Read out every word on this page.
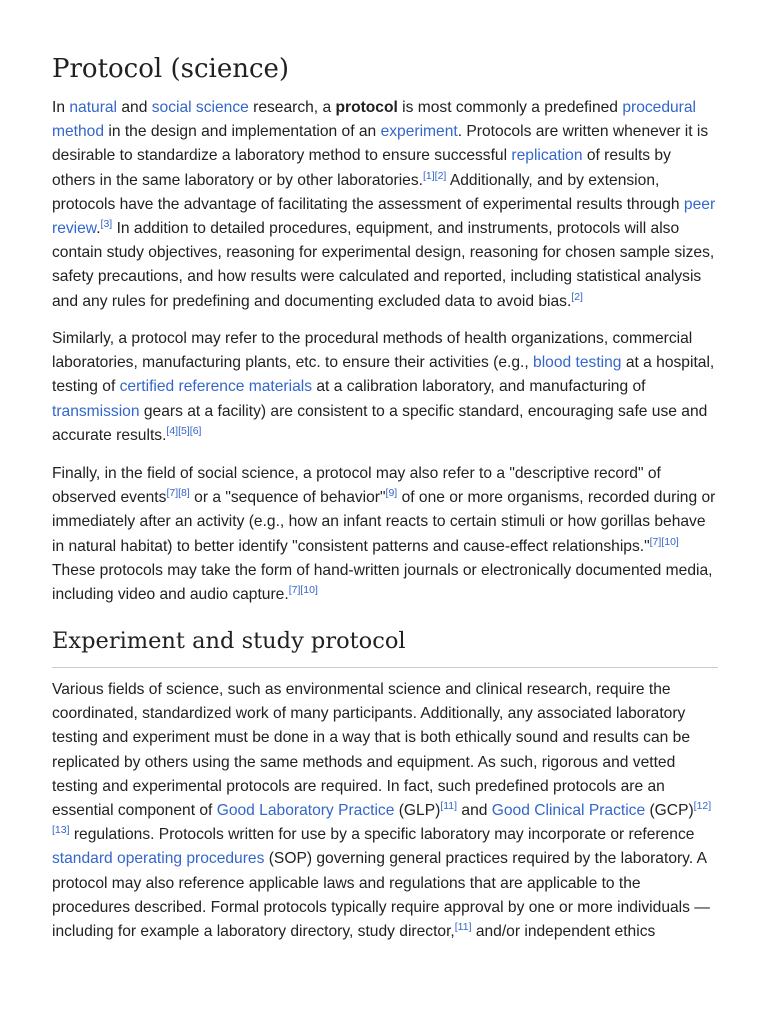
Protocol (science)

In natural and social science research, a protocol is most commonly a predefined procedural method in the design and implementation of an experiment. Protocols are written whenever it is desirable to standardize a laboratory method to ensure successful replication of results by others in the same laboratory or by other laboratories.[1][2] Additionally, and by extension, protocols have the advantage of facilitating the assessment of experimental results through peer review.[3] In addition to detailed procedures, equipment, and instruments, protocols will also contain study objectives, reasoning for experimental design, reasoning for chosen sample sizes, safety precautions, and how results were calculated and reported, including statistical analysis and any rules for predefining and documenting excluded data to avoid bias.[2]

Similarly, a protocol may refer to the procedural methods of health organizations, commercial laboratories, manufacturing plants, etc. to ensure their activities (e.g., blood testing at a hospital, testing of certified reference materials at a calibration laboratory, and manufacturing of transmission gears at a facility) are consistent to a specific standard, encouraging safe use and accurate results.[4][5][6]

Finally, in the field of social science, a protocol may also refer to a "descriptive record" of observed events[7][8] or a "sequence of behavior"[9] of one or more organisms, recorded during or immediately after an activity (e.g., how an infant reacts to certain stimuli or how gorillas behave in natural habitat) to better identify "consistent patterns and cause-effect relationships."[7][10] These protocols may take the form of hand-written journals or electronically documented media, including video and audio capture.[7][10]

Experiment and study protocol

Various fields of science, such as environmental science and clinical research, require the coordinated, standardized work of many participants. Additionally, any associated laboratory testing and experiment must be done in a way that is both ethically sound and results can be replicated by others using the same methods and equipment. As such, rigorous and vetted testing and experimental protocols are required. In fact, such predefined protocols are an essential component of Good Laboratory Practice (GLP)[11] and Good Clinical Practice (GCP)[12][13] regulations. Protocols written for use by a specific laboratory may incorporate or reference standard operating procedures (SOP) governing general practices required by the laboratory. A protocol may also reference applicable laws and regulations that are applicable to the procedures described. Formal protocols typically require approval by one or more individuals —including for example a laboratory directory, study director,[11] and/or independent ethics
